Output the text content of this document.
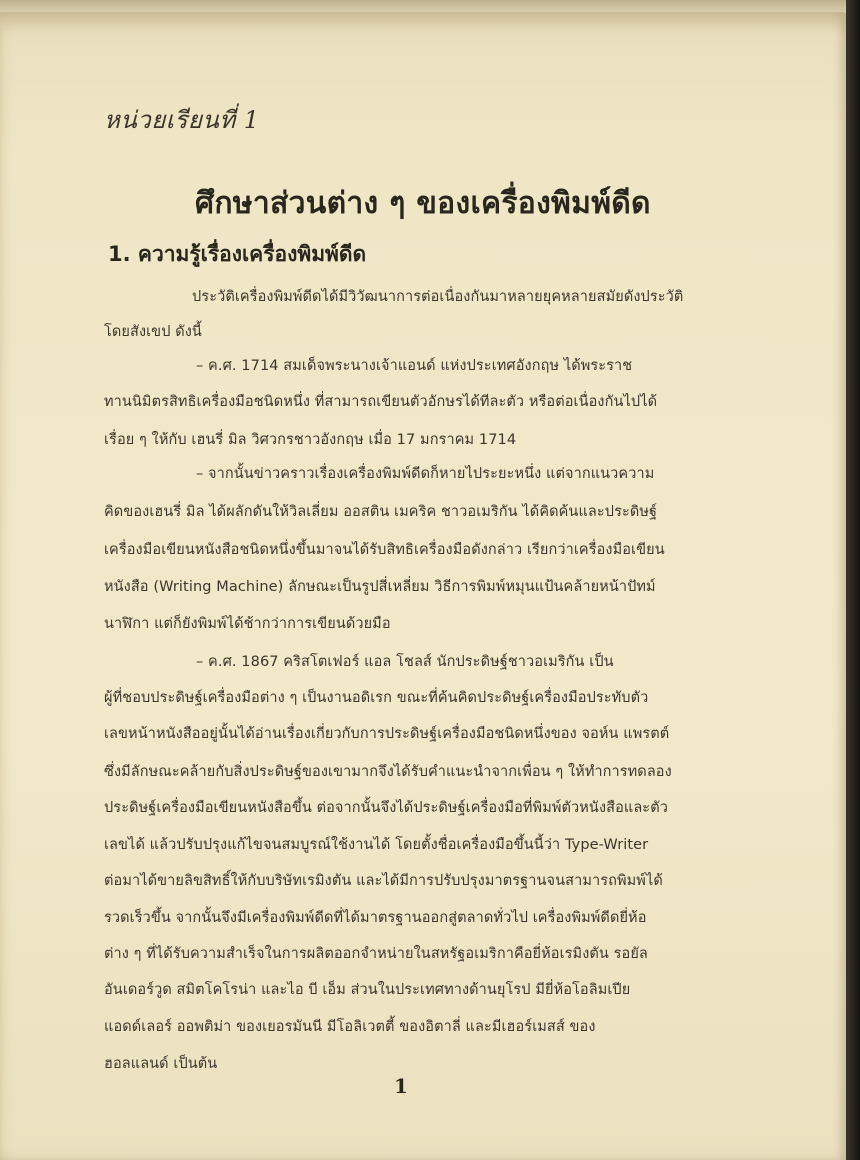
หน่วยเรียนที่ 1
ศึกษาส่วนต่าง ๆ ของเครื่องพิมพ์ดีด
1. ความรู้เรื่องเครื่องพิมพ์ดีด
ประวัติเครื่องพิมพ์ดีดได้มีวิวัฒนาการต่อเนื่องกันมาหลายยุคหลายสมัยดังประวัติ
โดยสังเขป ดังนี้
– ค.ศ. 1714 สมเด็จพระนางเจ้าแอนด์ แห่งประเทศอังกฤษ ได้พระราช
ทานนิมิตรสิทธิเครื่องมือชนิดหนึ่ง ที่สามารถเขียนตัวอักษรได้ทีละตัว หรือต่อเนื่องกันไปได้
เรื่อย ๆ ให้กับ เฮนรี่ มิล วิศวกรชาวอังกฤษ เมื่อ 17 มกราคม 1714
– จากนั้นข่าวคราวเรื่องเครื่องพิมพ์ดีดก็หายไประยะหนึ่ง แต่จากแนวความ
คิดของเฮนรี่ มิล ได้ผลักดันให้วิลเลี่ยม ออสติน เมคริค ชาวอเมริกัน ได้คิดค้นและประดิษฐ์
เครื่องมือเขียนหนังสือชนิดหนึ่งขึ้นมาจนได้รับสิทธิเครื่องมือดังกล่าว เรียกว่าเครื่องมือเขียน
หนังสือ (Writing Machine) ลักษณะเป็นรูปสี่เหลี่ยม วิธีการพิมพ์หมุนแป้นคล้ายหน้าปัทม์
นาฬิกา แต่ก็ยังพิมพ์ได้ช้ากว่าการเขียนด้วยมือ
– ค.ศ. 1867 คริสโตเฟอร์ แอล โชลส์ นักประดิษฐ์ชาวอเมริกัน เป็น
ผู้ที่ชอบประดิษฐ์เครื่องมือต่าง ๆ เป็นงานอดิเรก ขณะที่ค้นคิดประดิษฐ์เครื่องมือประทับตัว
เลขหน้าหนังสืออยู่นั้นได้อ่านเรื่องเกี่ยวกับการประดิษฐ์เครื่องมือชนิดหนึ่งของ จอห์น แพรตต์
ซึ่งมีลักษณะคล้ายกับสิ่งประดิษฐ์ของเขามากจึงได้รับคำแนะนำจากเพื่อน ๆ ให้ทำการทดลอง
ประดิษฐ์เครื่องมือเขียนหนังสือขึ้น ต่อจากนั้นจึงได้ประดิษฐ์เครื่องมือที่พิมพ์ตัวหนังสือและตัว
เลขได้ แล้วปรับปรุงแก้ไขจนสมบูรณ์ใช้งานได้ โดยตั้งชื่อเครื่องมือขึ้นนี้ว่า Type-Writer
ต่อมาได้ขายลิขสิทธิ์ให้กับบริษัทเรมิงตัน และได้มีการปรับปรุงมาตรฐานจนสามารถพิมพ์ได้
รวดเร็วขึ้น จากนั้นจึงมีเครื่องพิมพ์ดีดที่ได้มาตรฐานออกสู่ตลาดทั่วไป เครื่องพิมพ์ดีดยี่ห้อ
ต่าง ๆ ที่ได้รับความสำเร็จในการผลิตออกจำหน่ายในสหรัฐอเมริกาคือยี่ห้อเรมิงตัน รอยัล
อันเดอร์วูด สมิตโคโรน่า และไอ บี เอ็ม ส่วนในประเทศทางด้านยุโรป มียี่ห้อโอลิมเปีย
แอดด์เลอร์ ออพติม่า ของเยอรมันนี มีโอลิเวตตี้ ของอิตาลี่ และมีเฮอร์เมสส์ ของ
ฮอลแลนด์ เป็นต้น
1
